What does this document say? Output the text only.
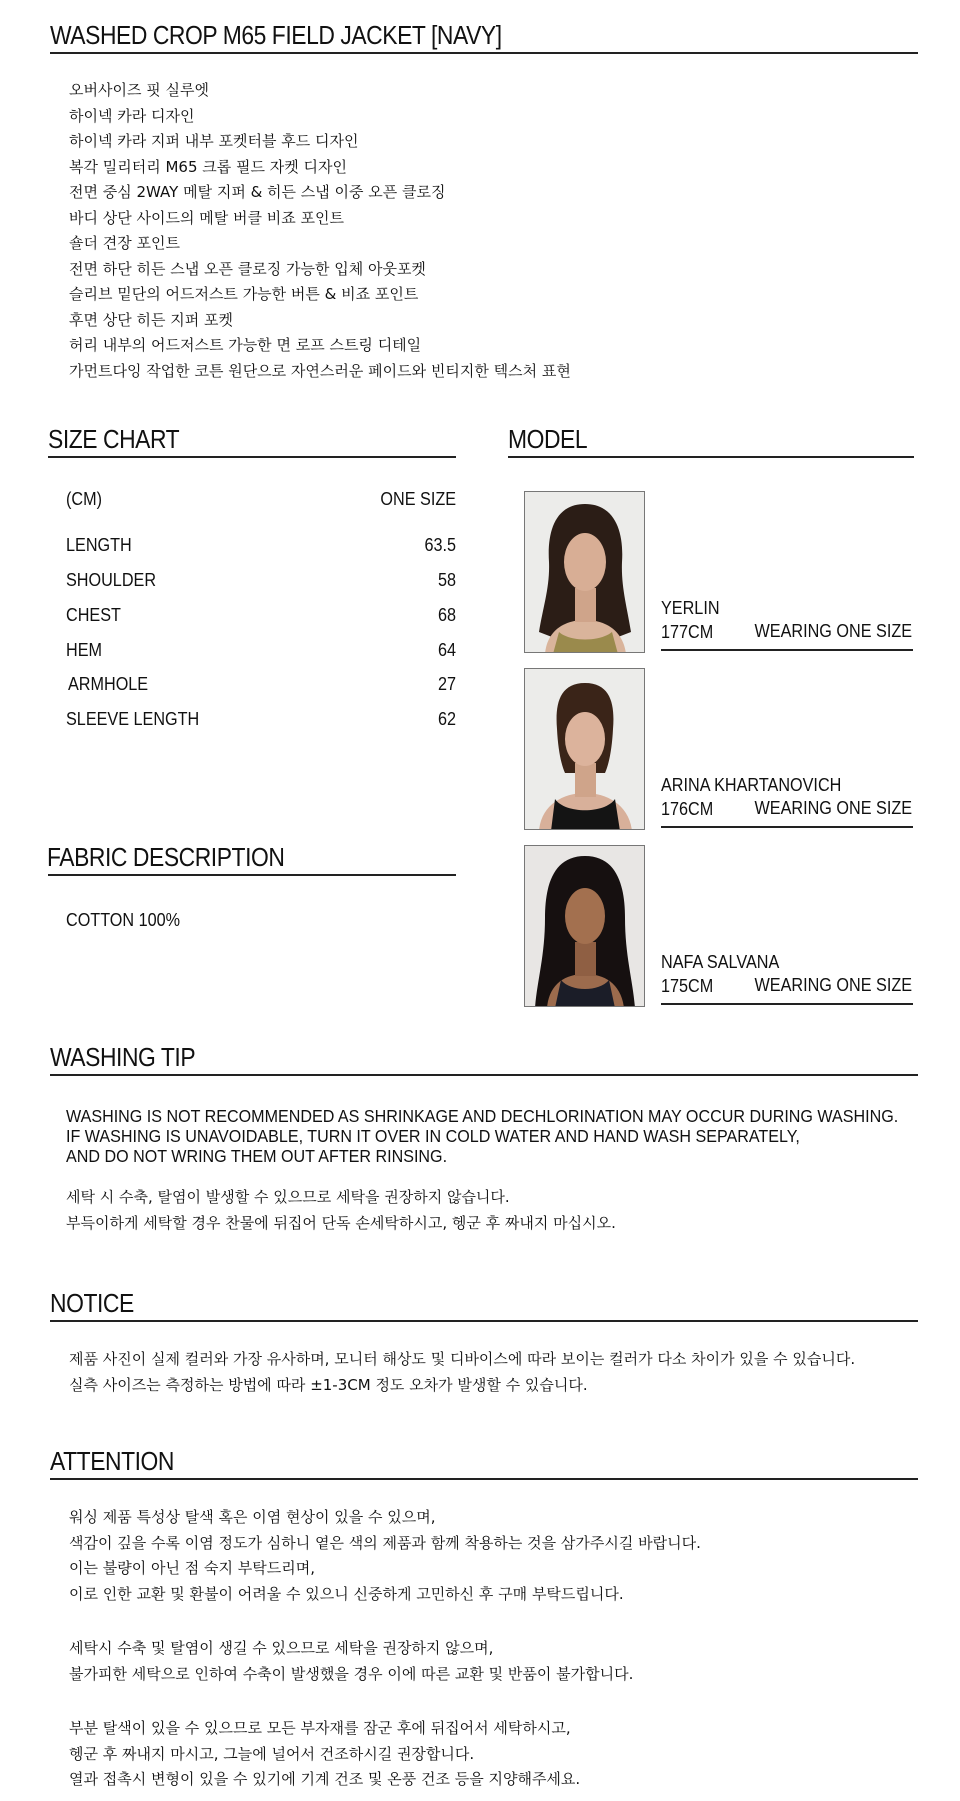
WASHED CROP M65 FIELD JACKET [NAVY]
오버사이즈 핏 실루엣
하이넥 카라 디자인
하이넥 카라 지퍼 내부 포켓터블 후드 디자인
복각 밀리터리 M65 크롭 필드 자켓 디자인
전면 중심 2WAY 메탈 지퍼 & 히든 스냅 이중 오픈 클로징
바디 상단 사이드의 메탈 버클 비죠 포인트
숄더 견장 포인트
전면 하단 히든 스냅 오픈 클로징 가능한 입체 아웃포켓
슬리브 밑단의 어드저스트 가능한 버튼 & 비죠 포인트
후면 상단 히든 지퍼 포켓
허리 내부의 어드저스트 가능한 면 로프 스트링 디테일
가먼트다잉 작업한 코튼 원단으로 자연스러운 페이드와 빈티지한 텍스처 표현
SIZE CHART
(CM)	ONE SIZE
LENGTH	63.5
SHOULDER	58
CHEST	68
HEM	64
ARMHOLE	27
SLEEVE LENGTH	62
FABRIC DESCRIPTION
COTTON 100%
MODEL
YERLIN
177CM WEARING ONE SIZE
ARINA KHARTANOVICH
176CM WEARING ONE SIZE
NAFA SALVANA
175CM WEARING ONE SIZE
WASHING TIP
WASHING IS NOT RECOMMENDED AS SHRINKAGE AND DECHLORINATION MAY OCCUR DURING WASHING.
IF WASHING IS UNAVOIDABLE, TURN IT OVER IN COLD WATER AND HAND WASH SEPARATELY,
AND DO NOT WRING THEM OUT AFTER RINSING.
세탁 시 수축, 탈염이 발생할 수 있으므로 세탁을 권장하지 않습니다.
부득이하게 세탁할 경우 찬물에 뒤집어 단독 손세탁하시고, 헹군 후 짜내지 마십시오.
NOTICE
제품 사진이 실제 컬러와 가장 유사하며, 모니터 해상도 및 디바이스에 따라 보이는 컬러가 다소 차이가 있을 수 있습니다.
실측 사이즈는 측정하는 방법에 따라 ±1-3CM 정도 오차가 발생할 수 있습니다.
ATTENTION
워싱 제품 특성상 탈색 혹은 이염 현상이 있을 수 있으며,
색감이 깊을 수록 이염 정도가 심하니 옅은 색의 제품과 함께 착용하는 것을 삼가주시길 바랍니다.
이는 불량이 아닌 점 숙지 부탁드리며,
이로 인한 교환 및 환불이 어려울 수 있으니 신중하게 고민하신 후 구매 부탁드립니다.
세탁시 수축 및 탈염이 생길 수 있으므로 세탁을 권장하지 않으며,
불가피한 세탁으로 인하여 수축이 발생했을 경우 이에 따른 교환 및 반품이 불가합니다.
부분 탈색이 있을 수 있으므로 모든 부자재를 잠군 후에 뒤집어서 세탁하시고,
헹군 후 짜내지 마시고, 그늘에 널어서 건조하시길 권장합니다.
열과 접촉시 변형이 있을 수 있기에 기계 건조 및 온풍 건조 등을 지양해주세요.
